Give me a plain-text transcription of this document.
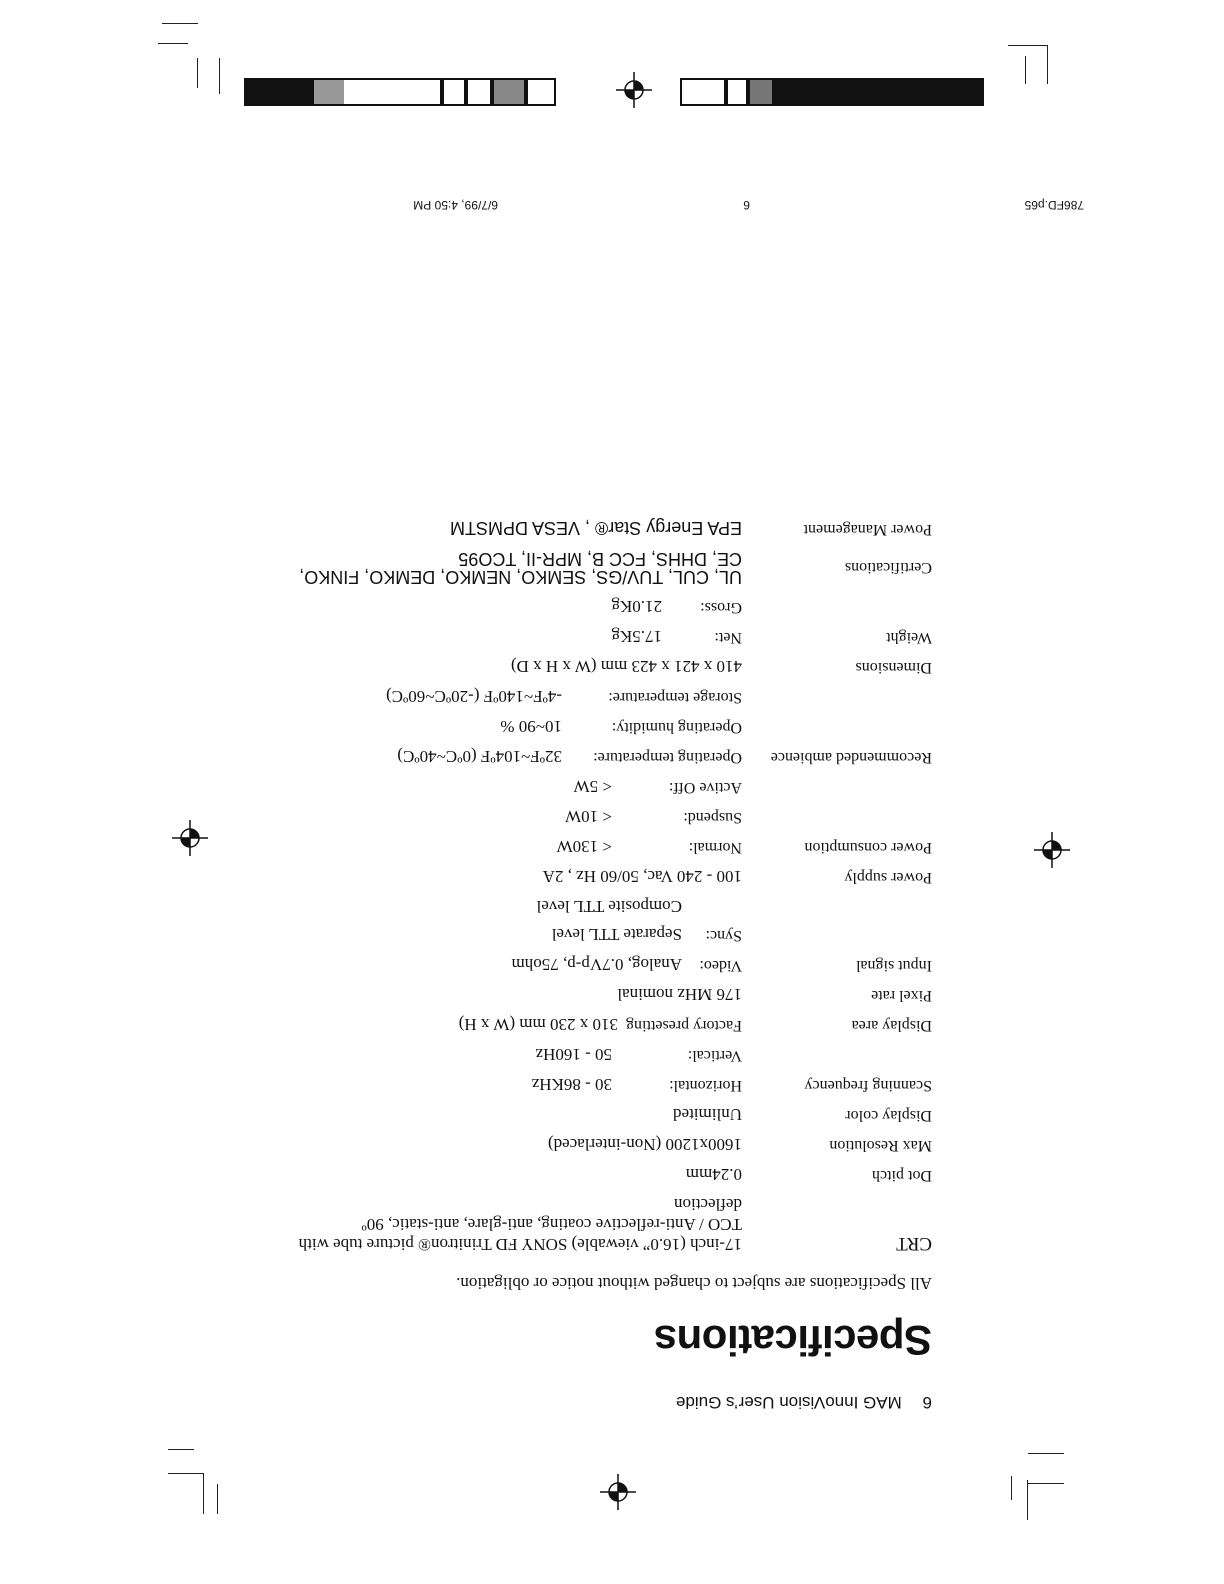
6 MAG InnoVision User’s Guide
Specifications
All Specifications are subject to changed without notice or obligation.
CRT
17-inch (16.0” viewable) SONY FD Trinitron® picture tube with TCO / Anti-reflective coating, anti-glare, anti-static, 90º deflection
Dot pitch
0.24mm
Max Resolution
1600x1200 (Non-interlaced)
Display color
Unlimited
Scanning frequency
Horizontal:
30 - 86KHz
Vertical:
50 - 160Hz
Display area
Factory presetting
310 x 230 mm (W x H)
Pixel rate
176 MHz nominal
Input signal
Video:
Analog, 0.7Vp-p, 75ohm
Sync:
Separate TTL level
Composite TTL level
Power supply
100 - 240 Vac, 50/60 Hz , 2A
Power consumption
Normal:
< 130W
Suspend:
< 10W
Active Off:
< 5W
Recommended ambience
Operating temperature:
32ºF~104ºF (0ºC~40ºC)
Operating humidity:
10~90 %
Storage temperature:
-4ºF~140ºF (-20ºC~60ºC)
Dimensions
410 x 421 x 423 mm (W x H x D)
Weight
Net:
17.5Kg
Gross:
21.0Kg
Certifications
UL, CUL, TUV/GS, SEMKO, NEMKO, DEMKO, FINKO, CE, DHHS, FCC B, MPR-II, TCO95
Power Management
EPA Energy Star® , VESA DPMSTM
786FD.p65
6
6/7/99, 4:50 PM
